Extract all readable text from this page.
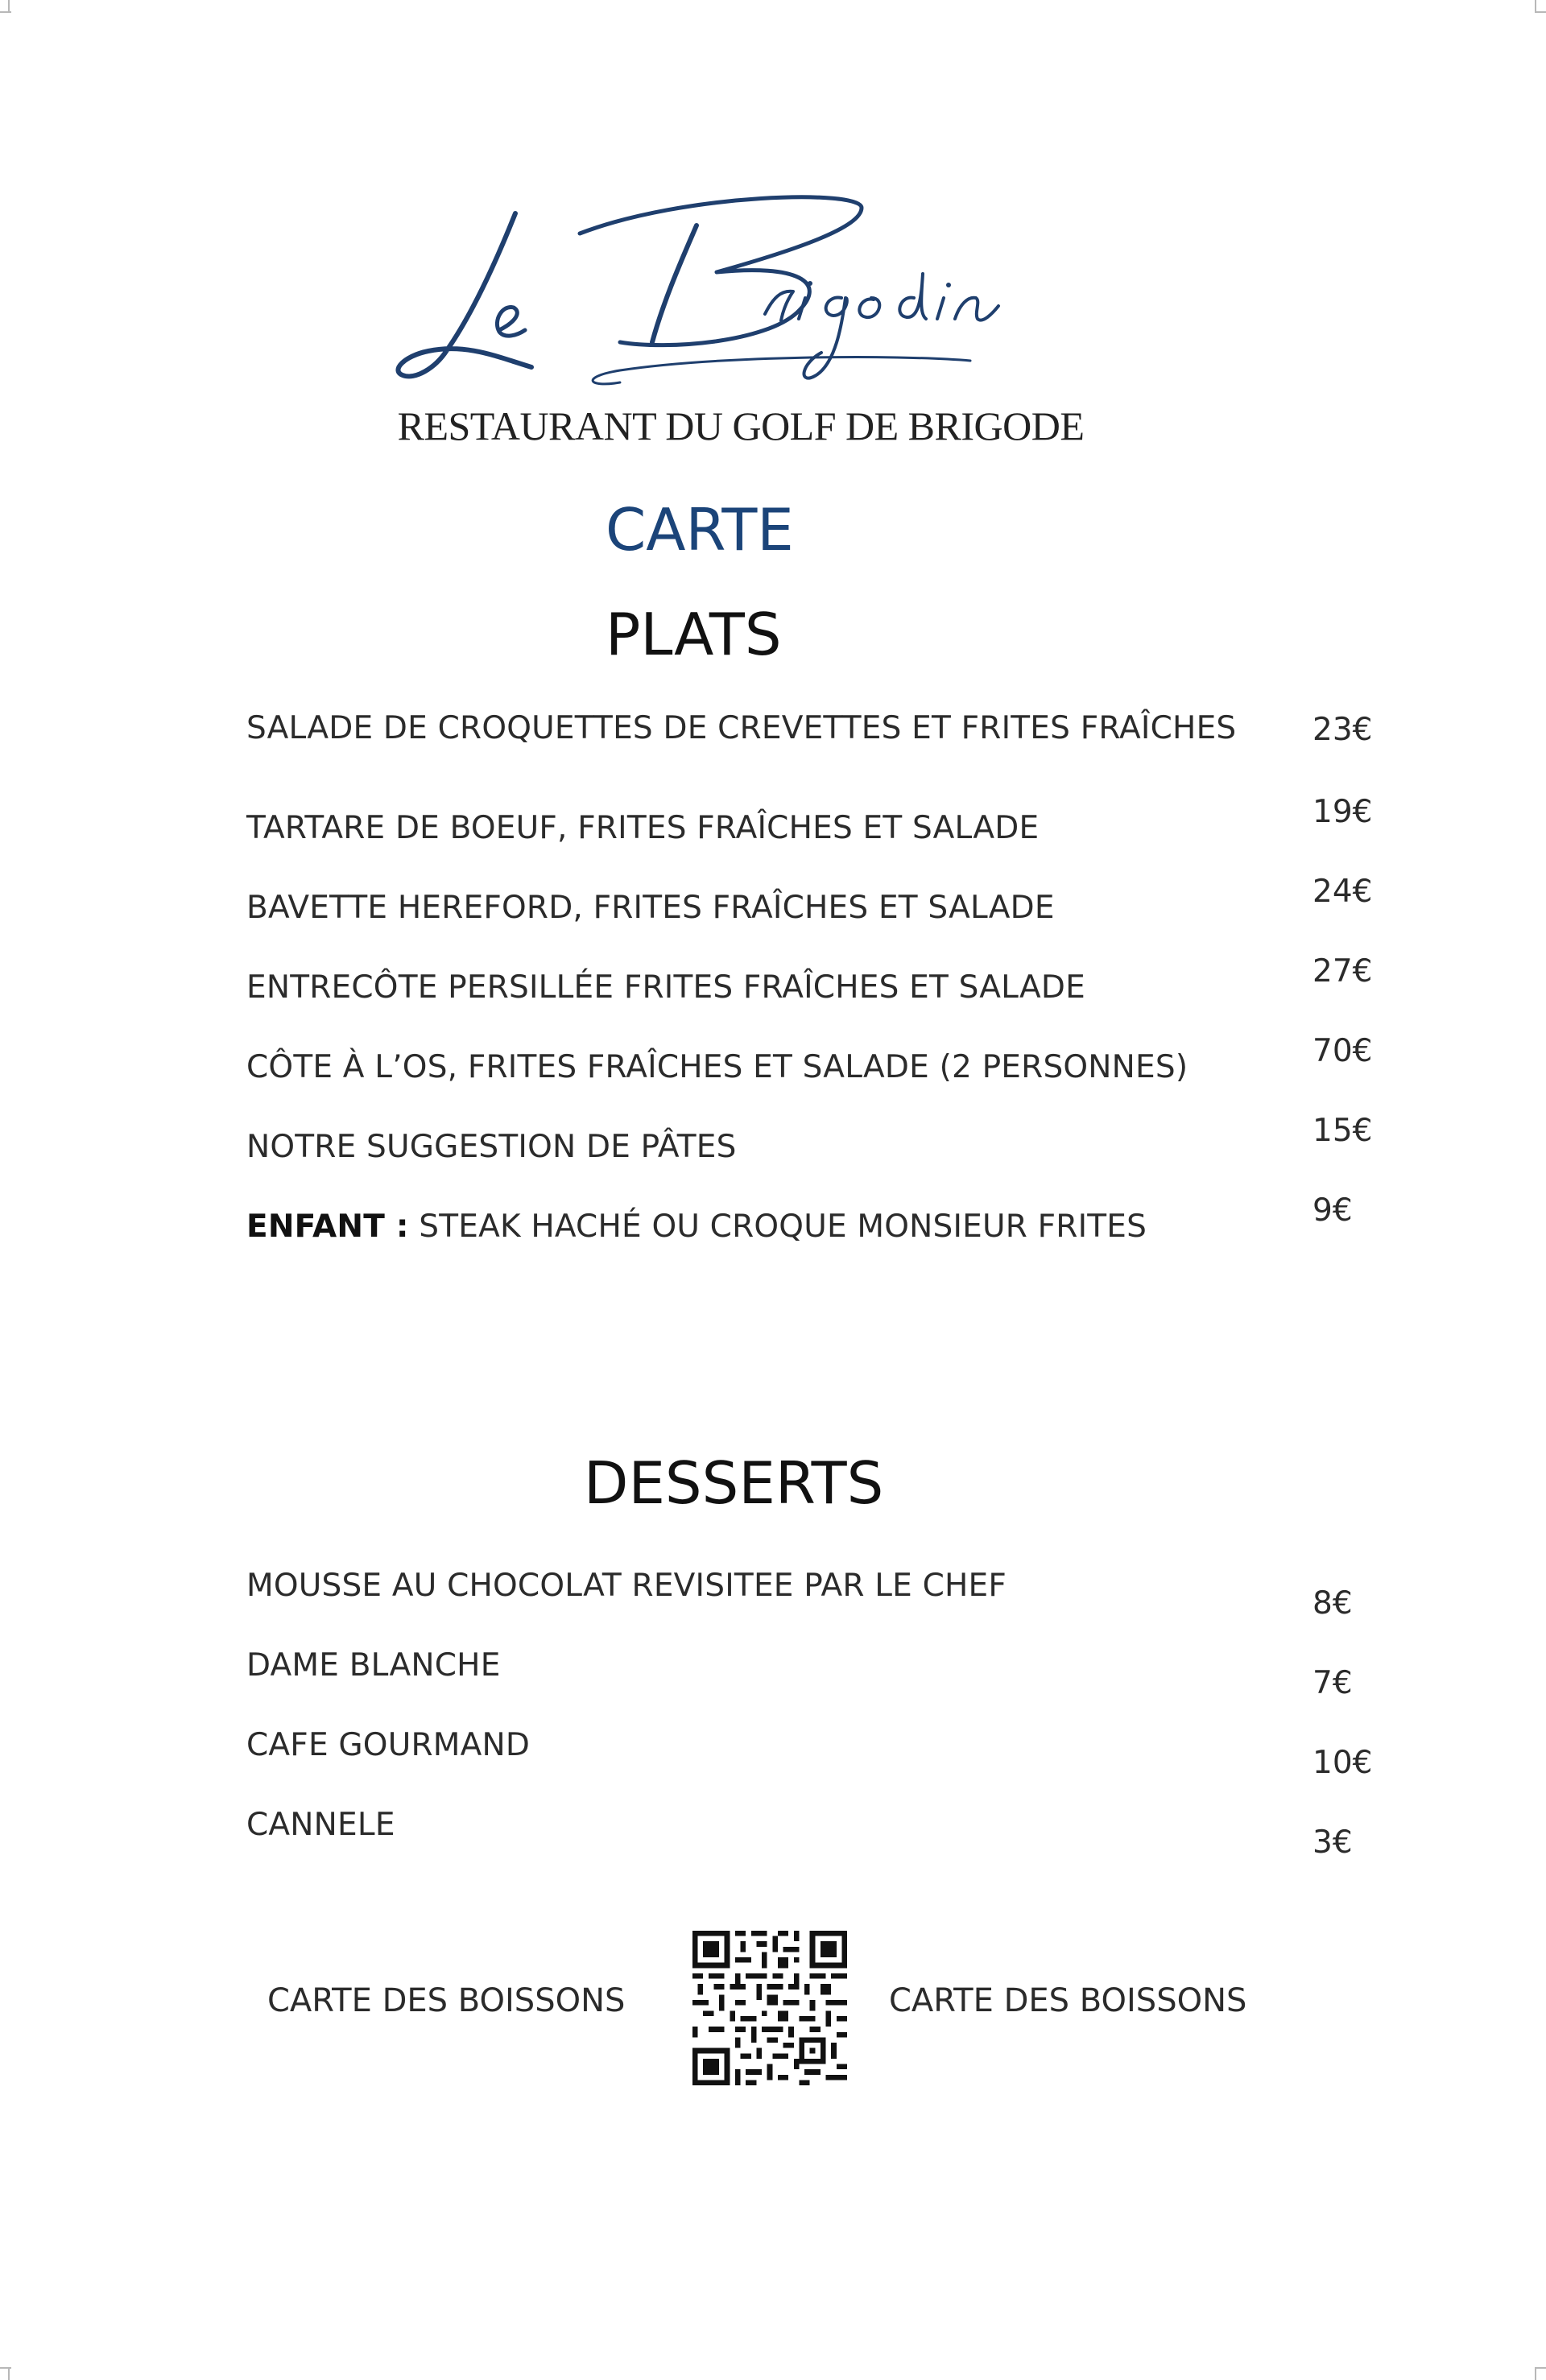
RESTAURANT DU GOLF DE BRIGODE
CARTE
PLATS

SALADE DE CROQUETTES DE CREVETTES ET FRITES FRAÎCHES	23€

TARTARE DE BOEUF, FRITES FRAÎCHES ET SALADE	19€

BAVETTE HEREFORD, FRITES FRAÎCHES ET SALADE	24€

ENTRECÔTE PERSILLÉE FRITES FRAÎCHES ET SALADE	27€

CÔTE À L’OS, FRITES FRAÎCHES ET SALADE (2 PERSONNES)	70€

NOTRE SUGGESTION DE PÂTES	15€

ENFANT : STEAK HACHÉ OU CROQUE MONSIEUR FRITES	9€

DESSERTS

MOUSSE AU CHOCOLAT REVISITEE PAR LE CHEF	8€

DAME BLANCHE	7€

CAFE GOURMAND	10€

CANNELE	3€

CARTE DES BOISSONS	CARTE DES BOISSONS
